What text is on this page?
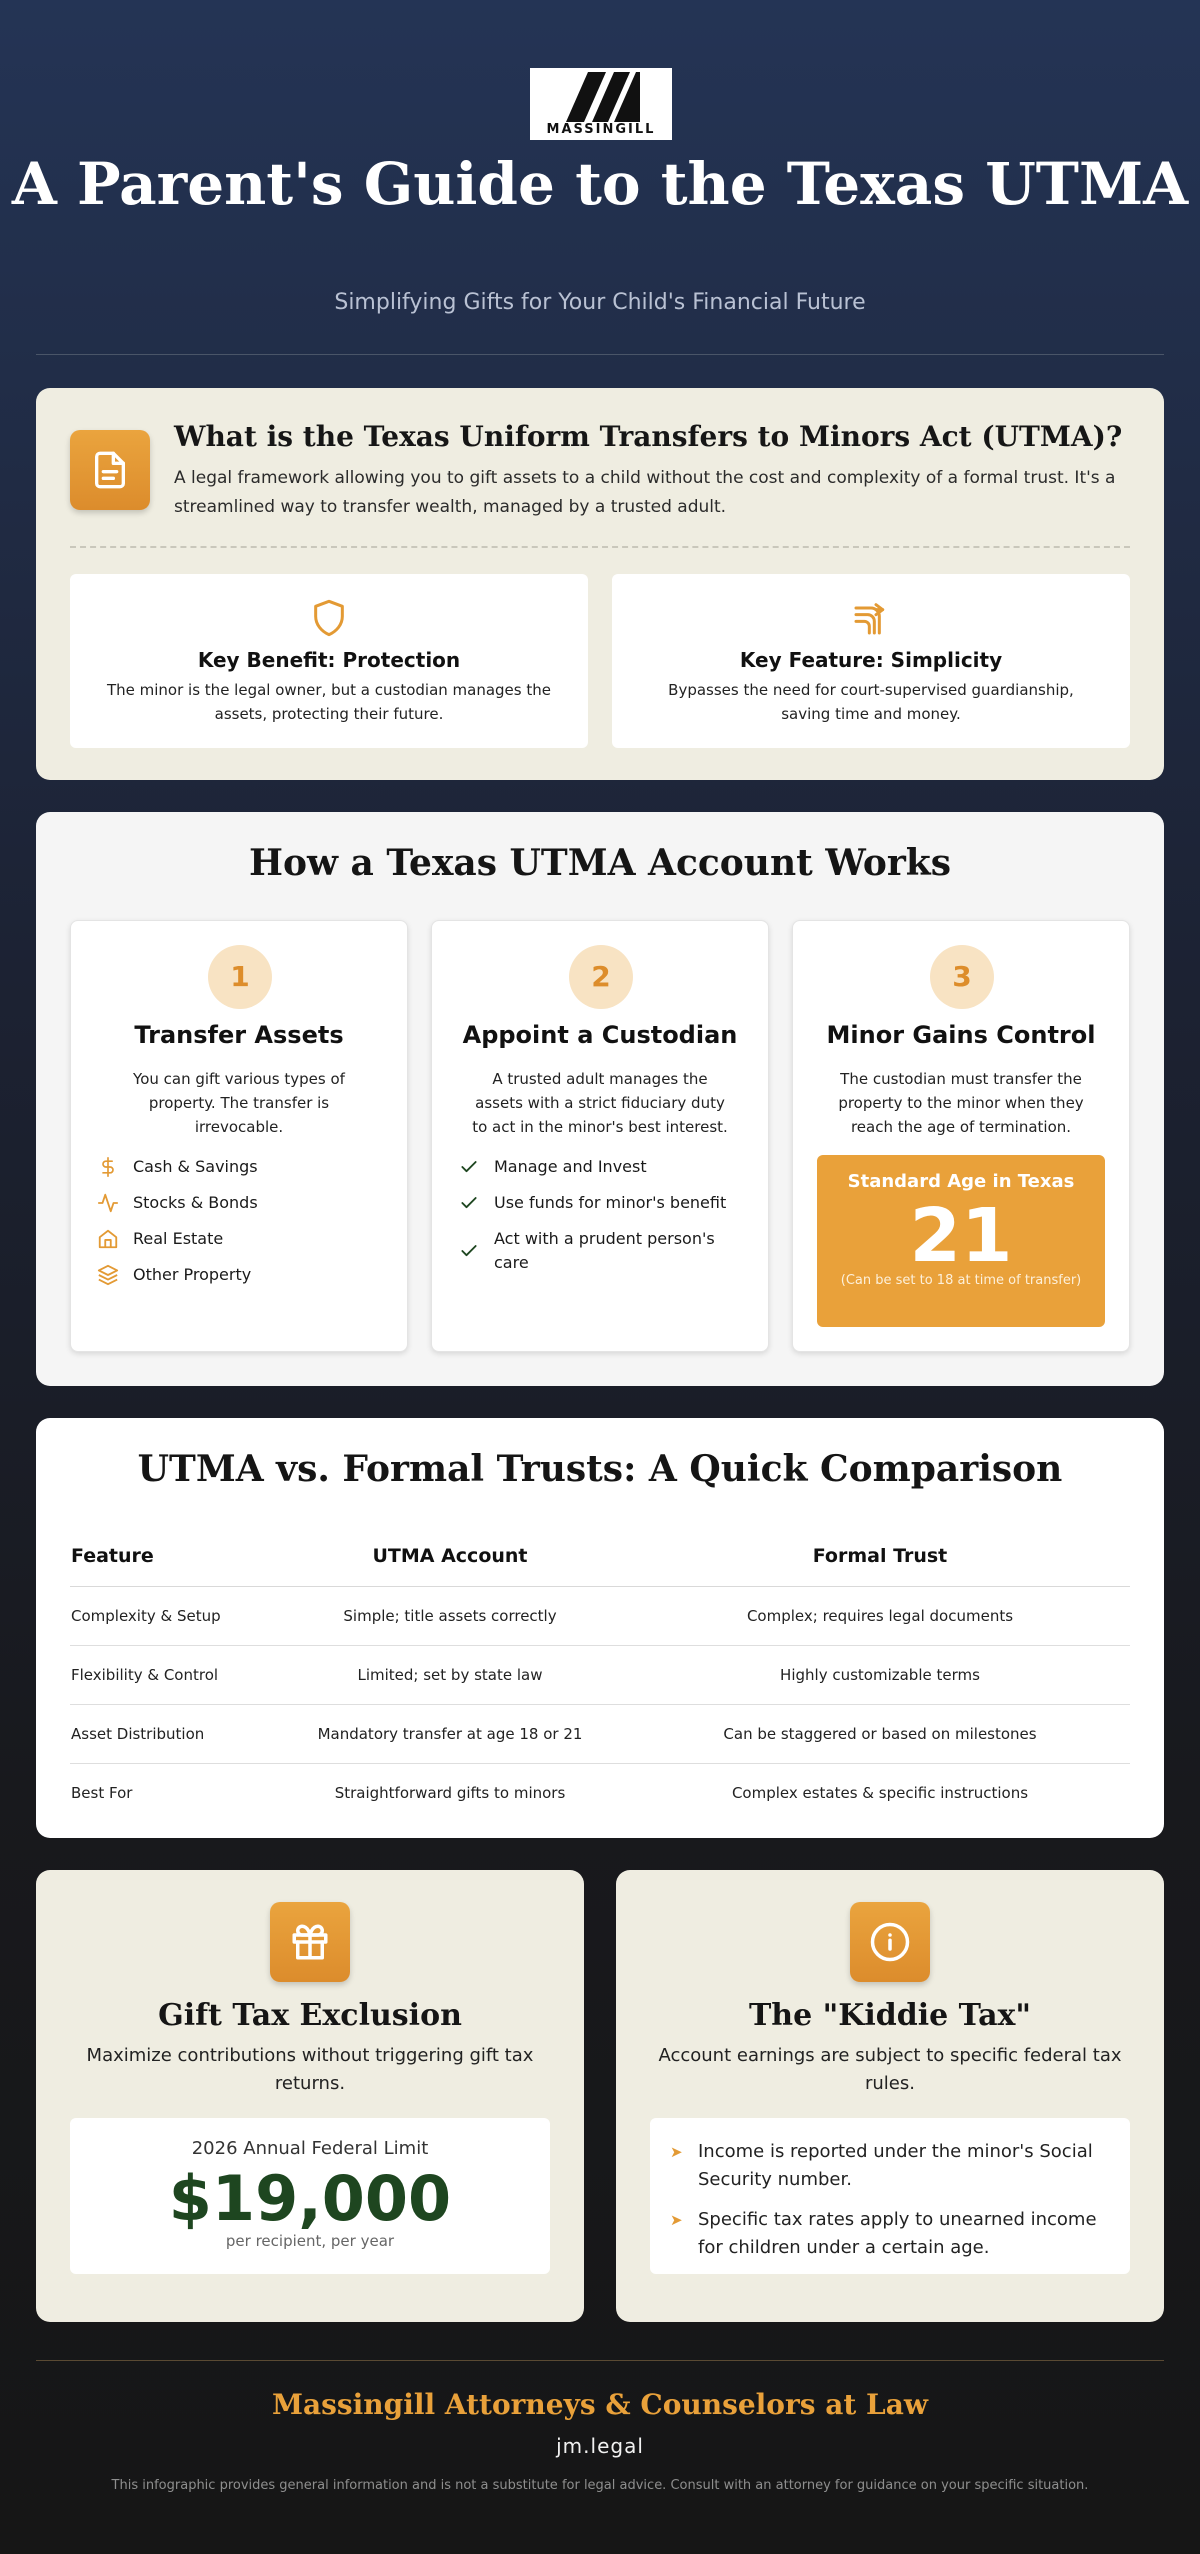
MASSINGILL
A Parent's Guide to the Texas UTMA
Simplifying Gifts for Your Child's Financial Future
What is the Texas Uniform Transfers to Minors Act (UTMA)?
A legal framework allowing you to gift assets to a child without the cost and complexity of a formal trust. It's a streamlined way to transfer wealth, managed by a trusted adult.
Key Benefit: Protection

The minor is the legal owner, but a custodian manages the assets, protecting their future.

Key Feature: Simplicity

Bypasses the need for court-supervised guardianship, saving time and money.

How a Texas UTMA Account Works
1
Transfer Assets

You can gift various types of property. The transfer is irrevocable.

Cash & Savings
Stocks & Bonds
Real Estate
Other Property
2
Appoint a Custodian

A trusted adult manages the assets with a strict fiduciary duty to act in the minor's best interest.

Manage and Invest
Use funds for minor's benefit
Act with a prudent person's care
3
Minor Gains Control

The custodian must transfer the property to the minor when they reach the age of termination.

Standard Age in Texas
21
(Can be set to 18 at time of transfer)
UTMA vs. Formal Trusts: A Quick Comparison
Feature	UTMA Account	Formal Trust
Complexity & Setup	Simple; title assets correctly	Complex; requires legal documents
Flexibility & Control	Limited; set by state law	Highly customizable terms
Asset Distribution	Mandatory transfer at age 18 or 21	Can be staggered or based on milestones
Best For	Straightforward gifts to minors	Complex estates & specific instructions
Gift Tax Exclusion
Maximize contributions without triggering gift tax returns.
2026 Annual Federal Limit
$19,000
per recipient, per year
The "Kiddie Tax"
Account earnings are subject to specific federal tax rules.
➤ Income is reported under the minor's Social Security number.
➤ Specific tax rates apply to unearned income for children under a certain age.
Massingill Attorneys & Counselors at Law
jm.legal
This infographic provides general information and is not a substitute for legal advice. Consult with an attorney for guidance on your specific situation.
